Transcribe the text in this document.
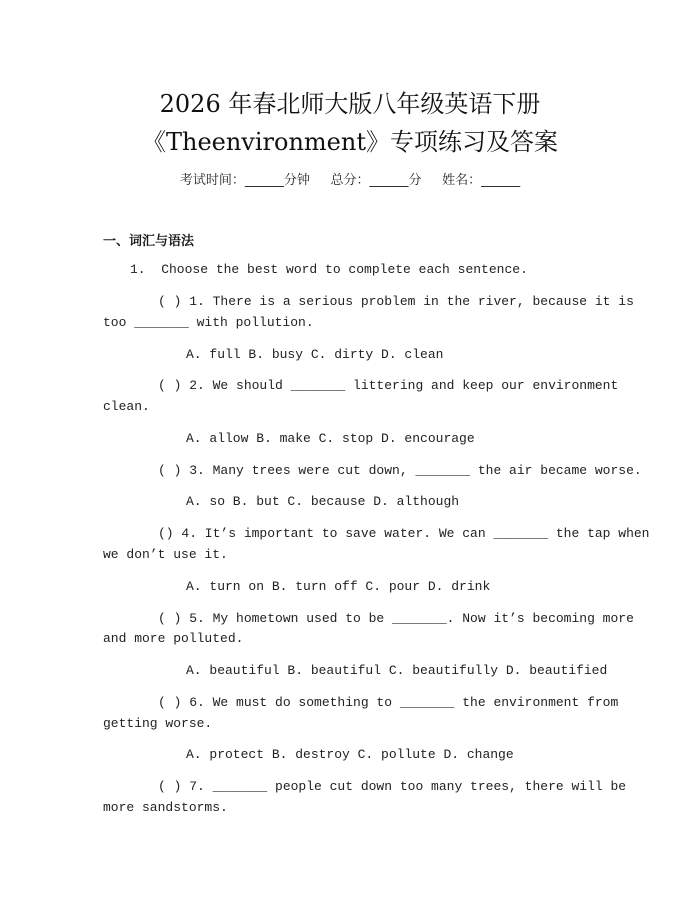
2026 年春北师大版八年级英语下册
《Theenvironment》专项练习及答案
考试时间：______分钟     总分：______分     姓名：______
一、词汇与语法
1.  Choose the best word to complete each sentence.
( ) 1. There is a serious problem in the river, because it is
too _______ with pollution.
A. full B. busy C. dirty D. clean
( ) 2. We should _______ littering and keep our environment
clean.
A. allow B. make C. stop D. encourage
( ) 3. Many trees were cut down, _______ the air became worse.
A. so B. but C. because D. although
() 4. It’s important to save water. We can _______ the tap when
we don’t use it.
A. turn on B. turn off C. pour D. drink
( ) 5. My hometown used to be _______. Now it’s becoming more
and more polluted.
A. beautiful B. beautiful C. beautifully D. beautified
( ) 6. We must do something to _______ the environment from
getting worse.
A. protect B. destroy C. pollute D. change
( ) 7. _______ people cut down too many trees, there will be
more sandstorms.
